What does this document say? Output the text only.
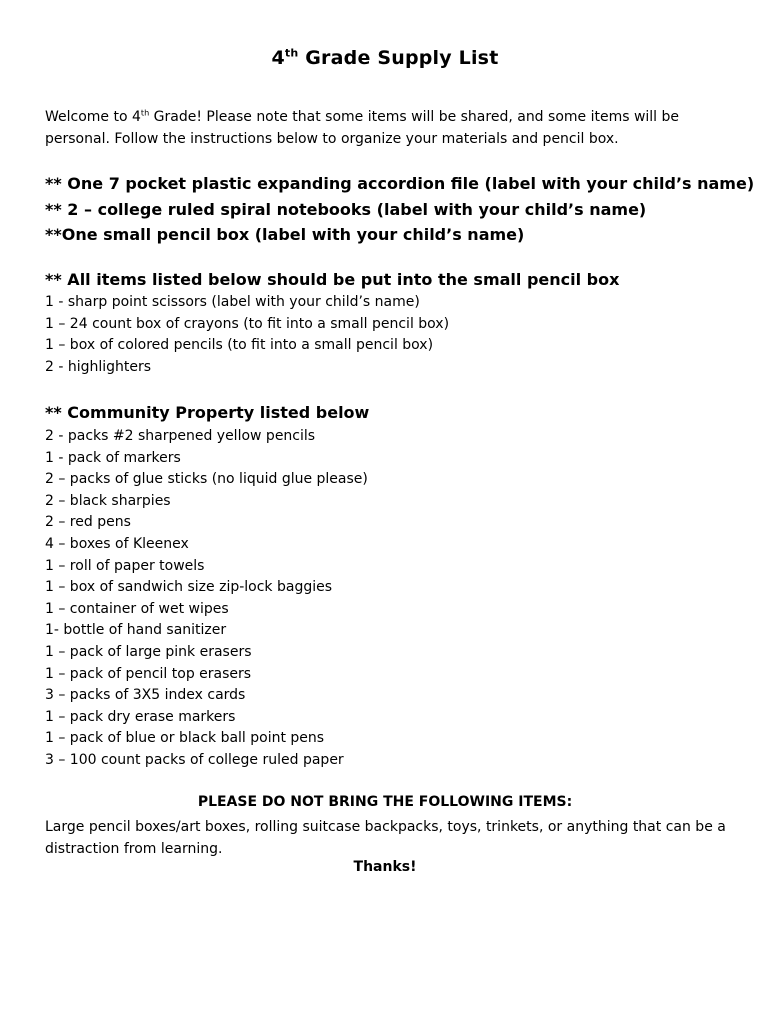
4th Grade Supply List
Welcome to 4th Grade! Please note that some items will be shared, and some items will be personal. Follow the instructions below to organize your materials and pencil box.
** One 7 pocket plastic expanding accordion file (label with your child’s name)
** 2 – college ruled spiral notebooks (label with your child’s name)
**One small pencil box (label with your child’s name)
** All items listed below should be put into the small pencil box
1 - sharp point scissors (label with your child’s name)
1 – 24 count box of crayons (to fit into a small pencil box)
1 – box of colored pencils (to fit into a small pencil box)
2 - highlighters
** Community Property listed below
2 - packs #2 sharpened yellow pencils
1 - pack of markers
2 – packs of glue sticks (no liquid glue please)
2 – black sharpies
2 – red pens
4 – boxes of Kleenex
1 – roll of paper towels
1 – box of sandwich size zip-lock baggies
1 – container of wet wipes
1- bottle of hand sanitizer
1 – pack of large pink erasers
1 – pack of pencil top erasers
3 – packs of 3X5 index cards
1 – pack dry erase markers
1 – pack of blue or black ball point pens
3 – 100 count packs of college ruled paper
PLEASE DO NOT BRING THE FOLLOWING ITEMS:
Large pencil boxes/art boxes, rolling suitcase backpacks, toys, trinkets, or anything that can be a distraction from learning.
Thanks!
